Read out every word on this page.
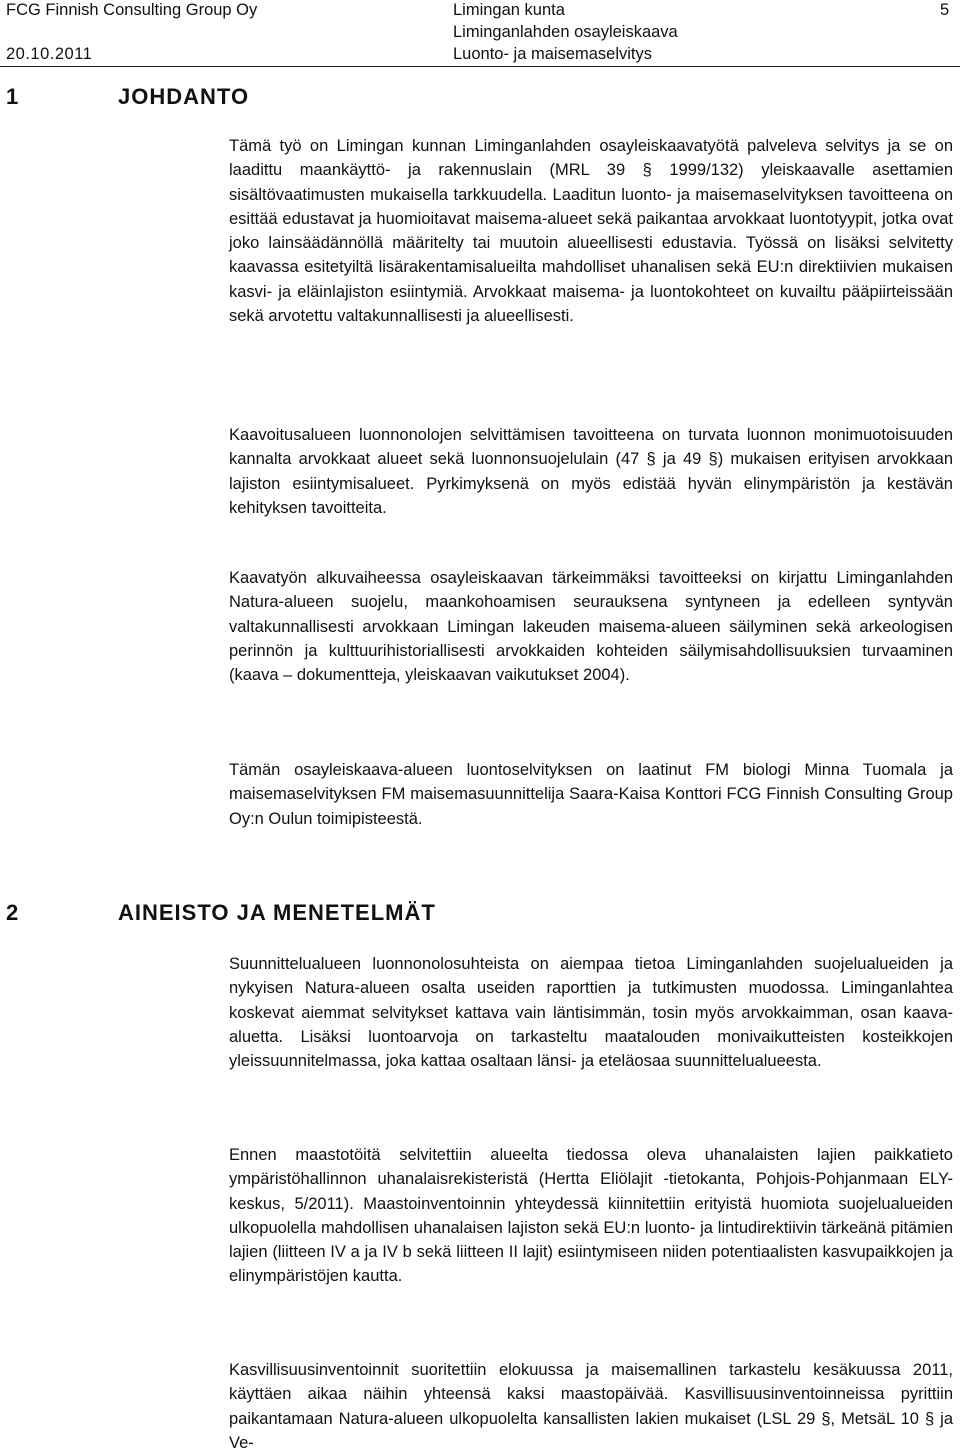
FCG Finnish Consulting Group Oy
20.10.2011
Limingan kunta
Liminganlahden osayleiskaava
Luonto- ja maisemaselvitys
5
1	JOHDANTO

Tämä työ on Limingan kunnan Liminganlahden osayleiskaavatyötä palveleva selvitys ja se on laadittu maankäyttö- ja rakennuslain (MRL 39 § 1999/132) yleiskaavalle asettamien sisältövaatimusten mukaisella tarkkuudella. Laaditun luonto- ja maisemaselvityksen tavoitteena on esittää edustavat ja huomioitavat maisema-alueet sekä paikantaa arvokkaat luontotyypit, jotka ovat joko lainsäädännöllä määritelty tai muutoin alueellisesti edustavia. Työssä on lisäksi selvitetty kaavassa esitetyiltä lisärakentamisalueilta mahdolliset uhanalisen sekä EU:n direktiivien mukaisen kasvi- ja eläinlajiston esiintymiä. Arvokkaat maisema- ja luontokohteet on kuvailtu pääpiirteissään sekä arvotettu valtakunnallisesti ja alueellisesti.

Kaavoitusalueen luonnonolojen selvittämisen tavoitteena on turvata luonnon monimuotoisuuden kannalta arvokkaat alueet sekä luonnonsuojelulain (47 § ja 49 §) mukaisen erityisen arvokkaan lajiston esiintymisalueet. Pyrkimyksenä on myös edistää hyvän elinympäristön ja kestävän kehityksen tavoitteita.

Kaavatyön alkuvaiheessa osayleiskaavan tärkeimmäksi tavoitteeksi on kirjattu Liminganlahden Natura-alueen suojelu, maankohoamisen seurauksena syntyneen ja edelleen syntyvän valtakunnallisesti arvokkaan Limingan lakeuden maisema-alueen säilyminen sekä arkeologisen perinnön ja kulttuurihistoriallisesti arvokkaiden kohteiden säilymisahdollisuuksien turvaaminen (kaava – dokumentteja, yleiskaavan vaikutukset 2004).

Tämän osayleiskaava-alueen luontoselvityksen on laatinut FM biologi Minna Tuomala ja maisemaselvityksen FM maisemasuunnittelija Saara-Kaisa Konttori FCG Finnish Consulting Group Oy:n Oulun toimipisteestä.

2	AINEISTO JA MENETELMÄT

Suunnittelualueen luonnonolosuhteista on aiempaa tietoa Liminganlahden suojelualueiden ja nykyisen Natura-alueen osalta useiden raporttien ja tutkimusten muodossa. Liminganlahtea koskevat aiemmat selvitykset kattava vain läntisimmän, tosin myös arvokkaimman, osan kaava-aluetta. Lisäksi luontoarvoja on tarkasteltu maatalouden monivaikutteisten kosteikkojen yleissuunnitelmassa, joka kattaa osaltaan länsi- ja eteläosaa suunnittelualueesta.

Ennen maastotöitä selvitettiin alueelta tiedossa oleva uhanalaisten lajien paikkatieto ympäristöhallinnon uhanalaisrekisteristä (Hertta Eliölajit -tietokanta, Pohjois-Pohjanmaan ELY-keskus, 5/2011). Maastoinventoinnin yhteydessä kiinnitettiin erityistä huomiota suojelualueiden ulkopuolella mahdollisen uhanalaisen lajiston sekä EU:n luonto- ja lintudirektiivin tärkeänä pitämien lajien (liitteen IV a ja IV b sekä liitteen II lajit) esiintymiseen niiden potentiaalisten kasvupaikkojen ja elinympäristöjen kautta.

Kasvillisuusinventoinnit suoritettiin elokuussa ja maisemallinen tarkastelu kesäkuussa 2011, käyttäen aikaa näihin yhteensä kaksi maastopäivää. Kasvillisuusinventoinneissa pyrittiin paikantamaan Natura-alueen ulkopuolelta kansallisten lakien mukaiset (LSL 29 §, MetsäL 10 § ja Ve-
